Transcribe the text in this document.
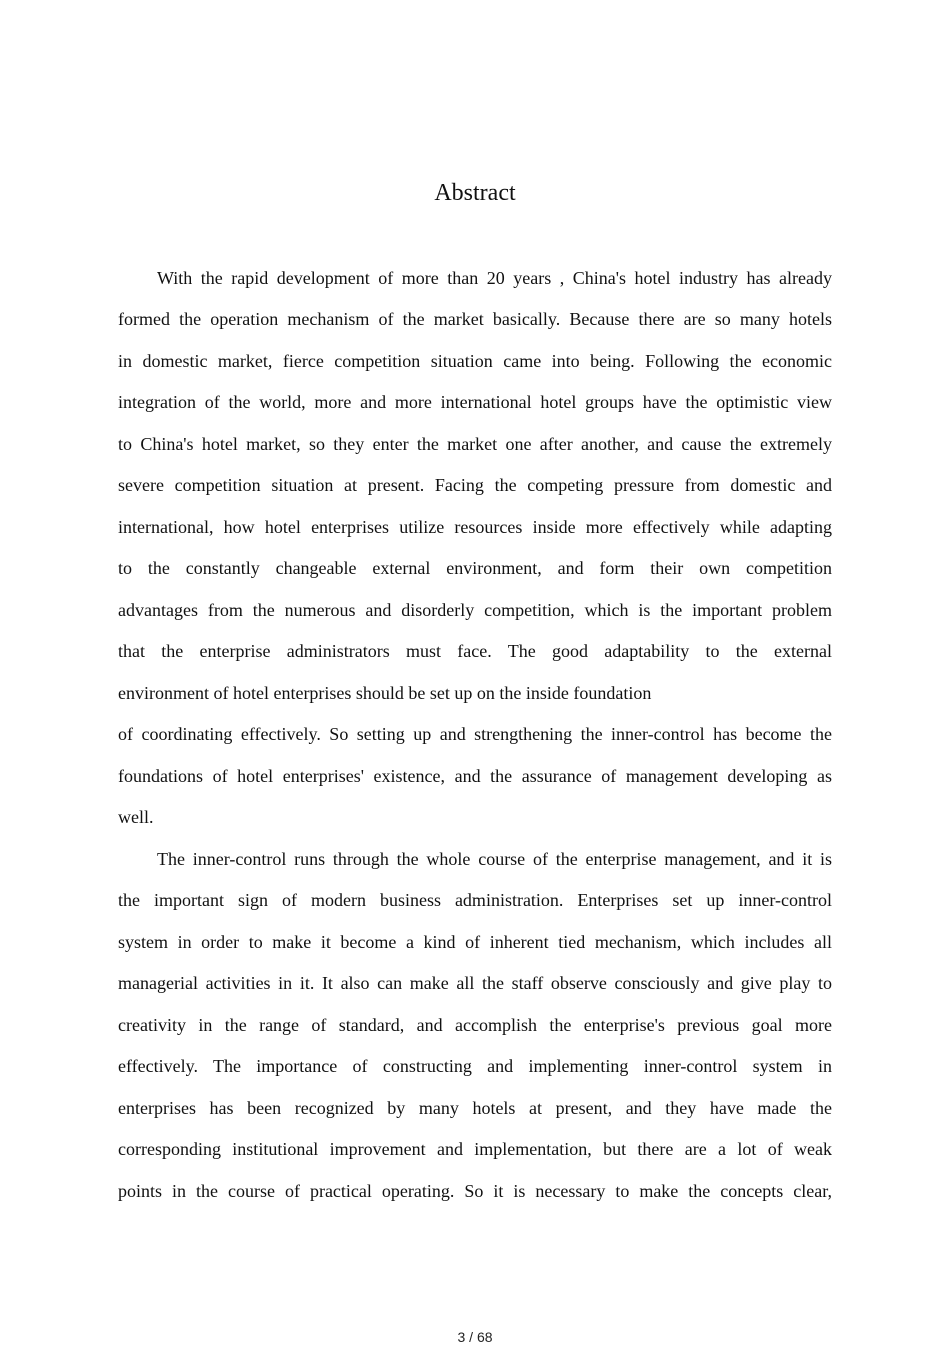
Abstract
With the rapid development of more than 20 years , China's hotel industry has already
formed the operation mechanism of the market basically. Because there are so many hotels
in domestic market, fierce competition situation came into being. Following the economic
integration of the world, more and more international hotel groups have the optimistic view
to China's hotel market, so they enter the market one after another, and cause the extremely
severe competition situation at present. Facing the competing pressure from domestic and
international, how hotel enterprises utilize resources inside more effectively while adapting
to the constantly changeable external environment, and form their own competition
advantages from the numerous and disorderly competition, which is the important problem
that the enterprise administrators must face. The good adaptability to the external
environment of hotel enterprises should be set up on the inside foundation
of coordinating effectively. So setting up and strengthening the inner-control has become the
foundations of hotel enterprises' existence, and the assurance of management developing as
well.
The inner-control runs through the whole course of the enterprise management, and it is
the important sign of modern business administration. Enterprises set up inner-control
system in order to make it become a kind of inherent tied mechanism, which includes all
managerial activities in it. It also can make all the staff observe consciously and give play to
creativity in the range of standard, and accomplish the enterprise's previous goal more
effectively. The importance of constructing and implementing inner-control system in
enterprises has been recognized by many hotels at present, and they have made the
corresponding institutional improvement and implementation, but there are a lot of weak
points in the course of practical operating. So it is necessary to make the concepts clear,
3 / 68
